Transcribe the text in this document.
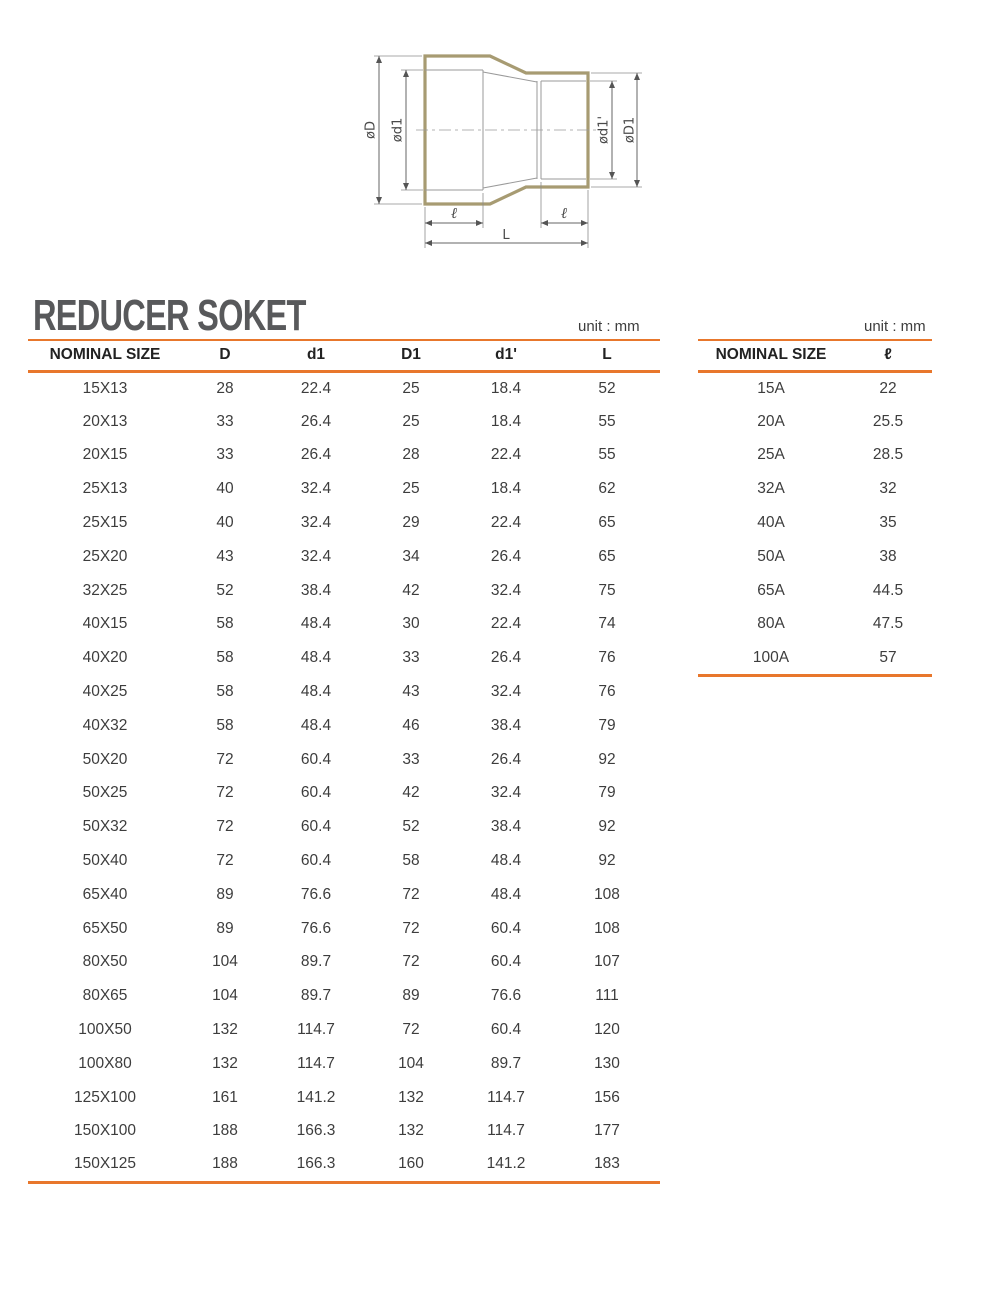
øD ød1	ød1' øD1
ℓ	ℓ
L
REDUCER SOKET	unit : mm	unit : mm
NOMINAL SIZE	D	d1	D1	d1'	L
15X13	28	22.4	25	18.4	52
20X13	33	26.4	25	18.4	55
20X15	33	26.4	28	22.4	55
25X13	40	32.4	25	18.4	62
25X15	40	32.4	29	22.4	65
25X20	43	32.4	34	26.4	65
32X25	52	38.4	42	32.4	75
40X15	58	48.4	30	22.4	74
40X20	58	48.4	33	26.4	76
40X25	58	48.4	43	32.4	76
40X32	58	48.4	46	38.4	79
50X20	72	60.4	33	26.4	92
50X25	72	60.4	42	32.4	79
50X32	72	60.4	52	38.4	92
50X40	72	60.4	58	48.4	92
65X40	89	76.6	72	48.4	108
65X50	89	76.6	72	60.4	108
80X50	104	89.7	72	60.4	107
80X65	104	89.7	89	76.6	111
100X50	132	114.7	72	60.4	120
100X80	132	114.7	104	89.7	130
125X100	161	141.2	132	114.7	156
150X100	188	166.3	132	114.7	177
150X125	188	166.3	160	141.2	183
NOMINAL SIZE	ℓ
15A	22
20A	25.5
25A	28.5
32A	32
40A	35
50A	38
65A	44.5
80A	47.5
100A	57
